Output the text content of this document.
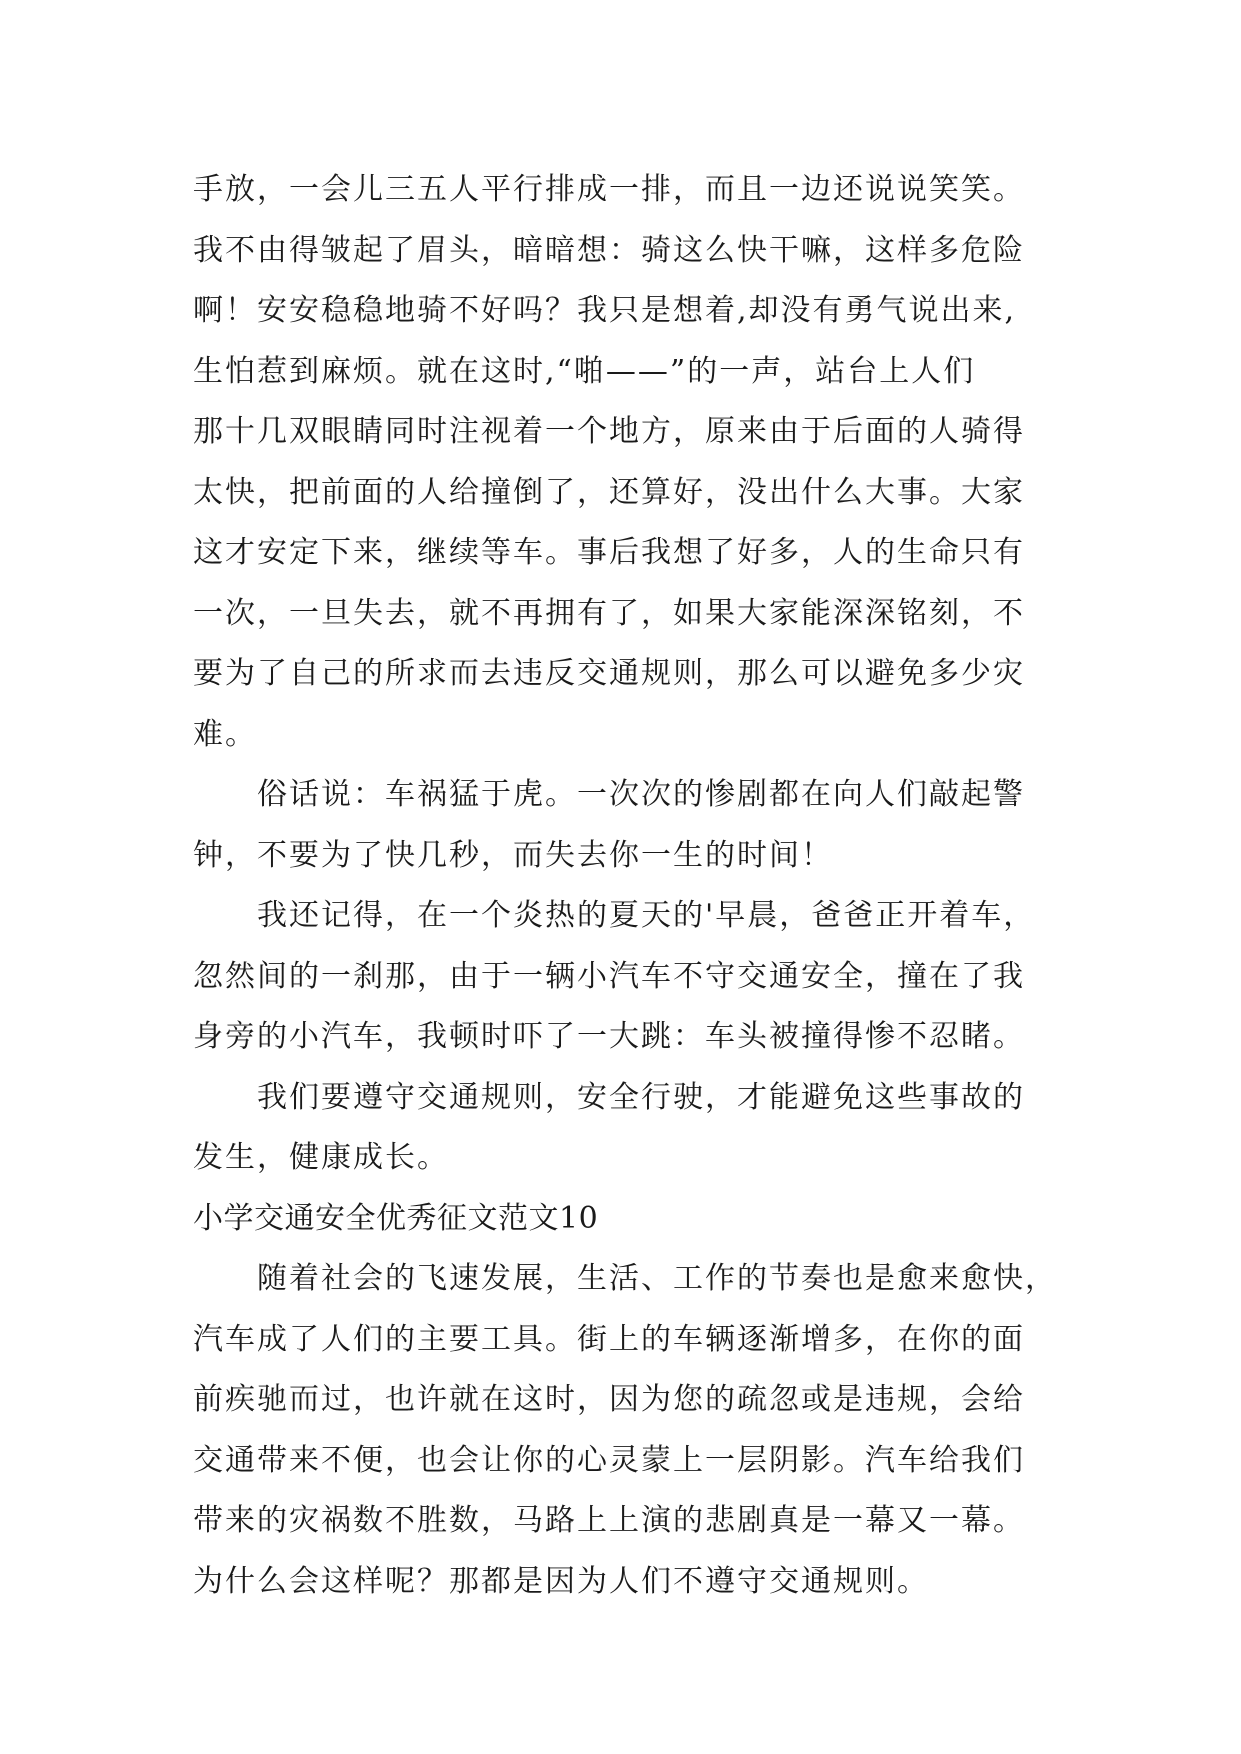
手放，一会儿三五人平行排成一排，而且一边还说说笑笑。
我不由得皱起了眉头，暗暗想：骑这么快干嘛，这样多危险
啊！安安稳稳地骑不好吗？我只是想着,却没有勇气说出来,
生怕惹到麻烦。就在这时,“啪——”的一声，站台上人们
那十几双眼睛同时注视着一个地方，原来由于后面的人骑得
太快，把前面的人给撞倒了，还算好，没出什么大事。大家
这才安定下来，继续等车。事后我想了好多，人的生命只有
一次，一旦失去，就不再拥有了，如果大家能深深铭刻，不
要为了自己的所求而去违反交通规则，那么可以避免多少灾
难。
　　俗话说：车祸猛于虎。一次次的惨剧都在向人们敲起警
钟，不要为了快几秒，而失去你一生的时间！
　　我还记得，在一个炎热的夏天的'早晨，爸爸正开着车，
忽然间的一刹那，由于一辆小汽车不守交通安全，撞在了我
身旁的小汽车，我顿时吓了一大跳：车头被撞得惨不忍睹。
　　我们要遵守交通规则，安全行驶，才能避免这些事故的
发生，健康成长。
小学交通安全优秀征文范文10
　　随着社会的飞速发展，生活、工作的节奏也是愈来愈快，
汽车成了人们的主要工具。街上的车辆逐渐增多，在你的面
前疾驰而过，也许就在这时，因为您的疏忽或是违规，会给
交通带来不便，也会让你的心灵蒙上一层阴影。汽车给我们
带来的灾祸数不胜数，马路上上演的悲剧真是一幕又一幕。
为什么会这样呢？那都是因为人们不遵守交通规则。
